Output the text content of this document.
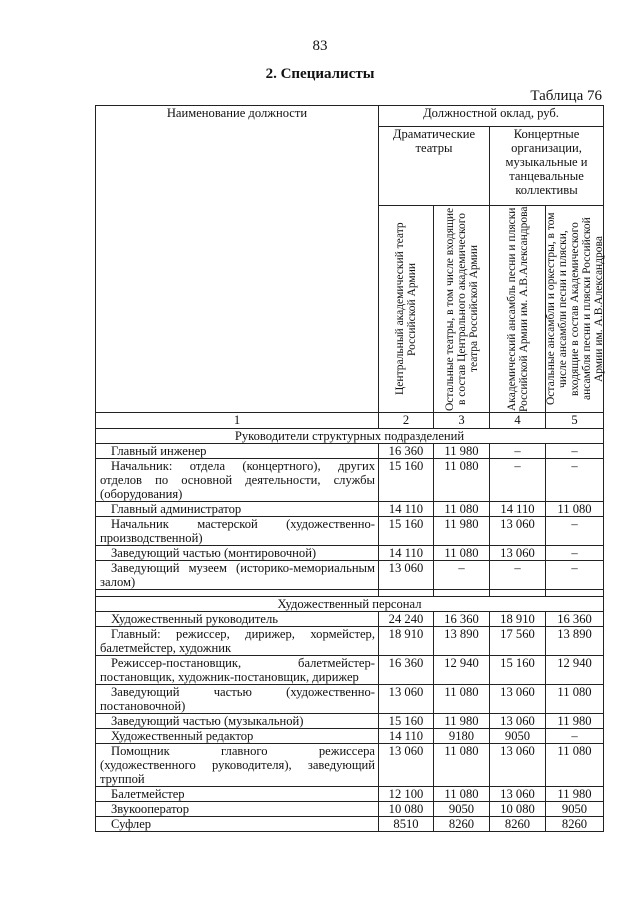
83
2. Специалисты
Таблица 76
Наименование должности	Должностной оклад, руб.			
	Драматические театры		Концертные организации, музыкальные и танцевальные коллективы	

	Центральный академический театр Российской Армии	Остальные театры, в том числе входящие в состав Центрального академического театра Российской Армии	Академический ансамбль песни и пляски Российской Армии им. А.В.Александрова	Остальные ансамбли и оркестры, в том числе ансамбли песни и пляски, входящие в состав Академического ансамбля песни и пляски Российской Армии им. А.В.Александрова

1	2	3	4	5
Руководители структурных подразделений				
Главный инженер	16 360	11 980	–	–
Начальник: отдела (концертного), других отделов по основной деятельности, службы (оборудования)	15 160	11 080	–	–
Главный администратор	14 110	11 080	14 110	11 080
Начальник мастерской (художественно-производственной)	15 160	11 980	13 060	–
Заведующий частью (монтировочной)	14 110	11 080	13 060	–
Заведующий музеем (историко-мемориальным залом)	13 060	–	–	–

Художественный персонал				
Художественный руководитель	24 240	16 360	18 910	16 360
Главный: режиссер, дирижер, хормейстер, балетмейстер, художник	18 910	13 890	17 560	13 890
Режиссер-постановщик, балетмейстер-постановщик, художник-постановщик, дирижер	16 360	12 940	15 160	12 940
Заведующий частью (художественно-постановочной)	13 060	11 080	13 060	11 080
Заведующий частью (музыкальной)	15 160	11 980	13 060	11 980
Художественный редактор	14 110	9180	9050	–
Помощник главного режиссера (художественного руководителя), заведующий труппой	13 060	11 080	13 060	11 080
Балетмейстер	12 100	11 080	13 060	11 980
Звукооператор	10 080	9050	10 080	9050
Суфлер	8510	8260	8260	8260
